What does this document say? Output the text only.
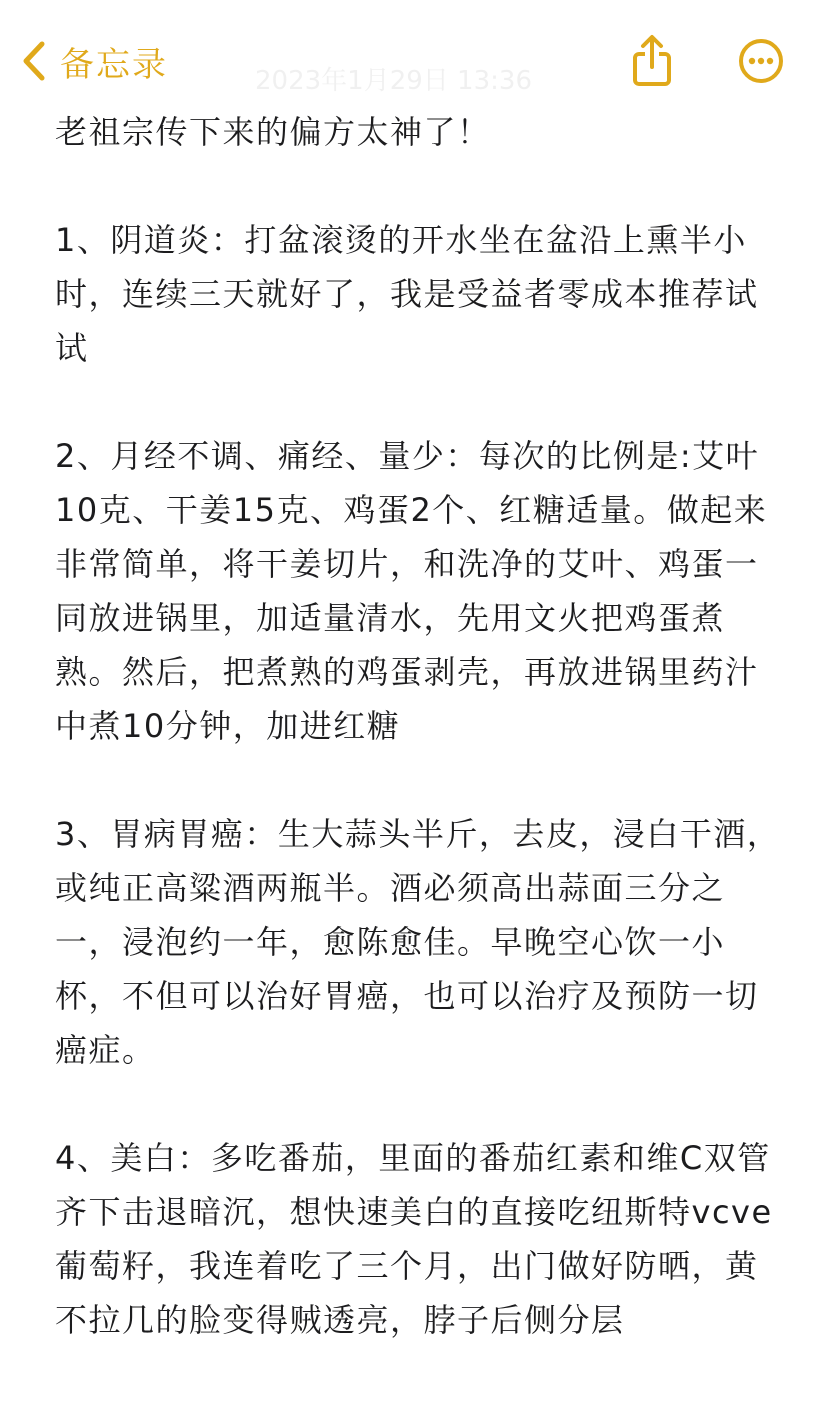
备忘录	2023年1月29日 13:36

老祖宗传下来的偏方太神了！

1、阴道炎：打盆滚烫的开水坐在盆沿上熏半小时，连续三天就好了，我是受益者零成本推荐试试

2、月经不调、痛经、量少：每次的比例是:艾叶10克、干姜15克、鸡蛋2个、红糖适量。做起来非常简单，将干姜切片，和洗净的艾叶、鸡蛋一同放进锅里，加适量清水，先用文火把鸡蛋煮熟。然后，把煮熟的鸡蛋剥壳，再放进锅里药汁中煮10分钟，加进红糖

3、胃病胃癌：生大蒜头半斤，去皮，浸白干酒，或纯正高粱酒两瓶半。酒必须高出蒜面三分之一，浸泡约一年，愈陈愈佳。早晚空心饮一小杯，不但可以治好胃癌，也可以治疗及预防一切癌症。

4、美白：多吃番茄，里面的番茄红素和维C双管齐下击退暗沉，想快速美白的直接吃纽斯特vcve葡萄籽，我连着吃了三个月，出门做好防晒，黄不拉几的脸变得贼透亮，脖子后侧分层
